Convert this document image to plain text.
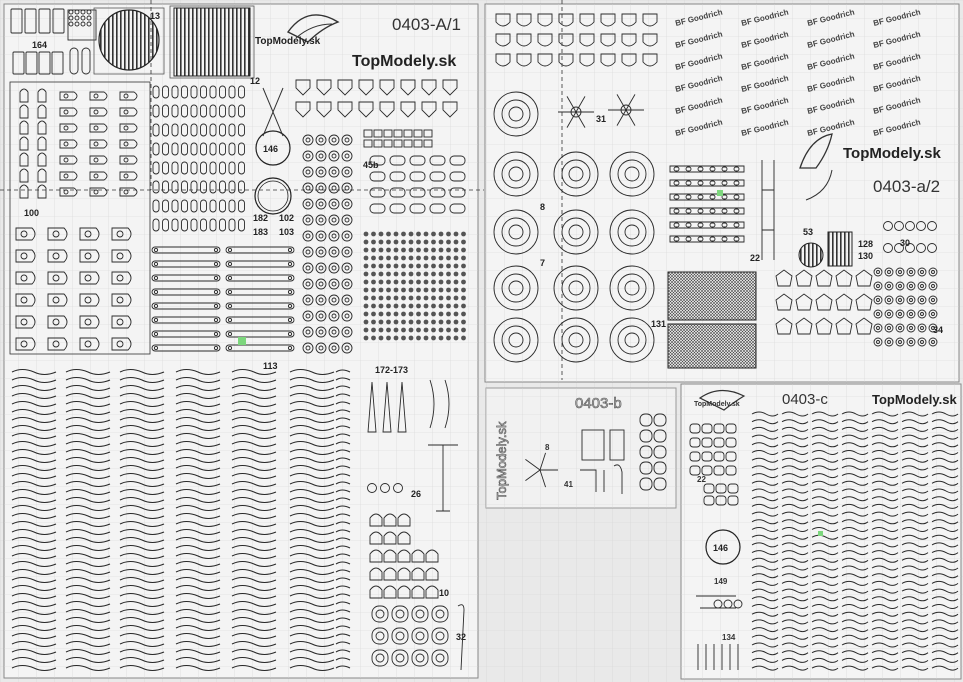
TopModely.sk
0403-A/1
TopModely.sk
13
164
12
146
45b
100	182 102
183 103
113	172-173
26
10
32
BF Goodrich BF Goodrich BF Goodrich BF Goodrich
BF Goodrich BF Goodrich BF Goodrich BF Goodrich
BF Goodrich BF Goodrich BF Goodrich BF Goodrich
BF Goodrich BF Goodrich BF Goodrich BF Goodrich
BF Goodrich BF Goodrich BF Goodrich BF Goodrich
BF Goodrich BF Goodrich BF Goodrich BF Goodrich
TopModely.sk
0403-a/2
31
8
7	22
53
128
130
30
131
34
0403-b
TopModely.sk	8
41
TopModely.sk	0403-c	TopModely.sk
22
146
149
134
